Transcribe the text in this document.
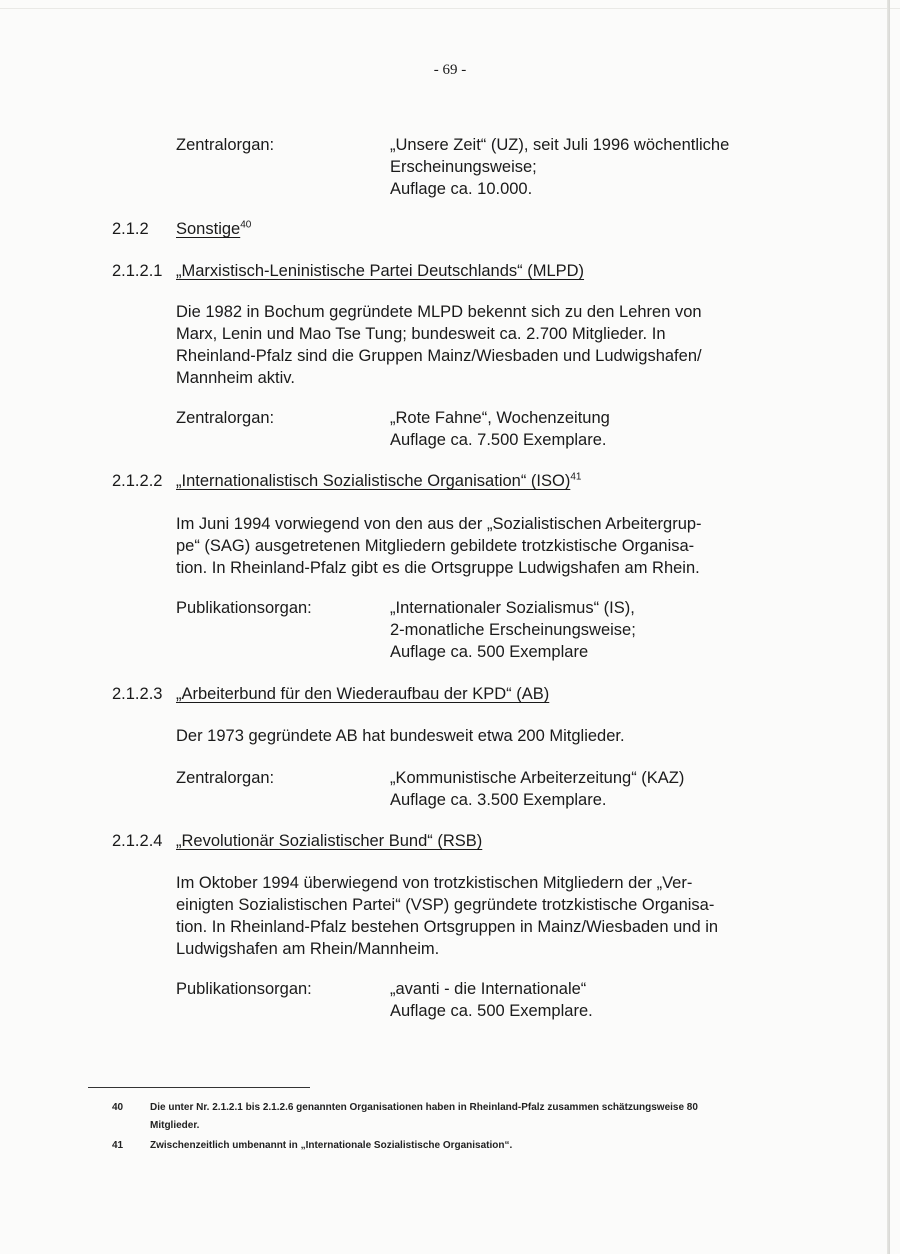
- 69 -

Zentralorgan:	„Unsere Zeit“ (UZ), seit Juli 1996 wöchentliche

Erscheinungsweise;

Auflage ca. 10.000.

2.1.2 Sonstige$^{40}$

2.1.2.1 „Marxistisch-Leninistische Partei Deutschlands“ (MLPD)

Die 1982 in Bochum gegründete MLPD bekennt sich zu den Lehren von

Marx, Lenin und Mao Tse Tung; bundesweit ca. 2.700 Mitglieder. In

Rheinland-Pfalz sind die Gruppen Mainz/Wiesbaden und Ludwigshafen/

Mannheim aktiv.

Zentralorgan:	„Rote Fahne“, Wochenzeitung

Auflage ca. 7.500 Exemplare.

2.1.2.2 „Internationalistisch Sozialistische Organisation“ (ISO)$^{41}$

Im Juni 1994 vorwiegend von den aus der „Sozialistischen Arbeitergrup-

pe“ (SAG) ausgetretenen Mitgliedern gebildete trotzkistische Organisa-

tion. In Rheinland-Pfalz gibt es die Ortsgruppe Ludwigshafen am Rhein.

Publikationsorgan:	„Internationaler Sozialismus“ (IS),

2-monatliche Erscheinungsweise;

Auflage ca. 500 Exemplare

2.1.2.3 „Arbeiterbund für den Wiederaufbau der KPD“ (AB)

Der 1973 gegründete AB hat bundesweit etwa 200 Mitglieder.

Zentralorgan:	„Kommunistische Arbeiterzeitung“ (KAZ)

Auflage ca. 3.500 Exemplare.

2.1.2.4 „Revolutionär Sozialistischer Bund“ (RSB)

Im Oktober 1994 überwiegend von trotzkistischen Mitgliedern der „Ver-

einigten Sozialistischen Partei“ (VSP) gegründete trotzkistische Organisa-

tion. In Rheinland-Pfalz bestehen Ortsgruppen in Mainz/Wiesbaden und in

Ludwigshafen am Rhein/Mannheim.

Publikationsorgan:	„avanti - die Internationale“

Auflage ca. 500 Exemplare.

40	Die unter Nr. 2.1.2.1 bis 2.1.2.6 genannten Organisationen haben in Rheinland-Pfalz zusammen schätzungsweise 80

Mitglieder.

41	Zwischenzeitlich umbenannt in „Internationale Sozialistische Organisation“.
